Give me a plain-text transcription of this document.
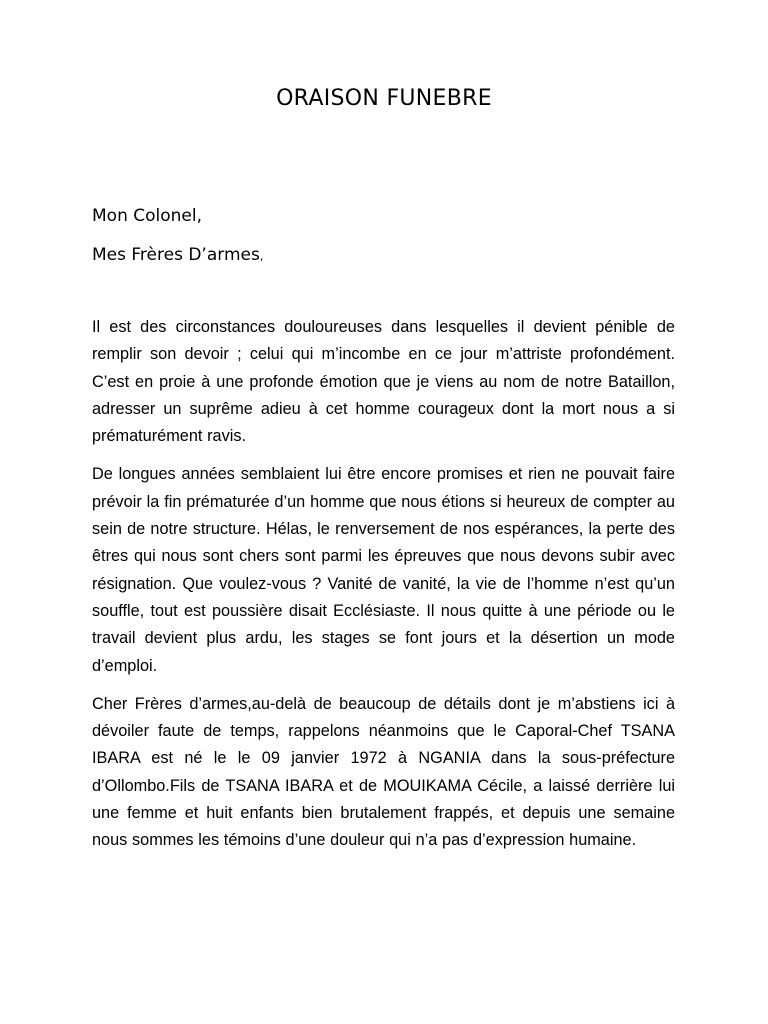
ORAISON FUNEBRE

Mon Colonel,

Mes Frères D’armes,

Il est des circonstances douloureuses dans lesquelles il devient pénible de remplir son devoir ; celui qui m’incombe en ce jour m’attriste profondément. C’est en proie à une profonde émotion que je viens au nom de notre Bataillon, adresser un suprême adieu à cet homme courageux dont la mort nous a si prématurément ravis.

De longues années semblaient lui être encore promises et rien ne pouvait faire prévoir la fin prématurée d’un homme que nous étions si heureux de compter au sein de notre structure. Hélas, le renversement de nos espérances, la perte des êtres qui nous sont chers sont parmi les épreuves que nous devons subir avec résignation. Que voulez-vous ? Vanité de vanité, la vie de l’homme n’est qu’un souffle, tout est poussière disait Ecclésiaste. Il nous quitte à une période ou le travail devient plus ardu, les stages se font jours et la désertion un mode d’emploi.

Cher Frères d’armes,au-delà de beaucoup de détails dont je m’abstiens ici à dévoiler faute de temps, rappelons néanmoins que le Caporal-Chef TSANA IBARA est né le le 09 janvier 1972 à NGANIA dans la sous-préfecture d’Ollombo.Fils de TSANA IBARA et de MOUIKAMA Cécile, a laissé derrière lui une femme et huit enfants bien brutalement frappés, et depuis une semaine nous sommes les témoins d’une douleur qui n’a pas d’expression humaine.
